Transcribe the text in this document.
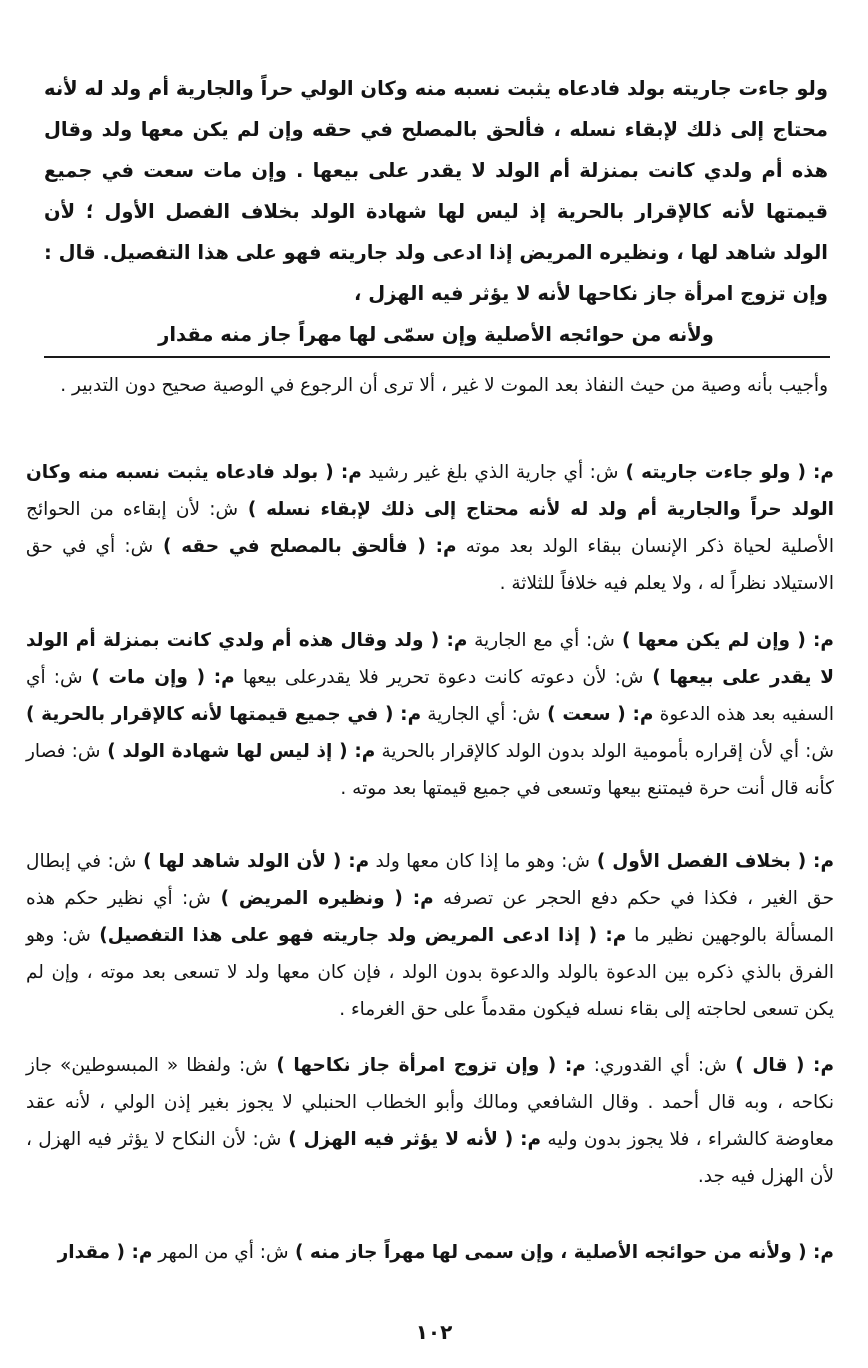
ولو جاءت جاريته بولد فادعاه يثبت نسبه منه وكان الولي حراً والجارية أم ولد له لأنه محتاج إلى ذلك لإبقاء نسله ، فألحق بالمصلح في حقه وإن لم يكن معها ولد وقال هذه أم ولدي كانت بمنزلة أم الولد لا يقدر على بيعها . وإن مات سعت في جميع قيمتها لأنه كالإقرار بالحرية إذ ليس لها شهادة الولد بخلاف الفصل الأول ؛ لأن الولد شاهد لها ، ونظيره المريض إذا ادعى ولد جاريته فهو على هذا التفصيل. قال : وإن تزوج امرأة جاز نكاحها لأنه لا يؤثر فيه الهزل ،
ولأنه من حوائجه الأصلية وإن سمّى لها مهراً جاز منه مقدار
وأجيب بأنه وصية من حيث النفاذ بعد الموت لا غير ، ألا ترى أن الرجوع في الوصية صحيح دون التدبير .
م: ( ولو جاءت جاريته ) ش: أي جارية الذي بلغ غير رشيد م: ( بولد فادعاه يثبت نسبه منه وكان الولد حراً والجارية أم ولد له لأنه محتاج إلى ذلك لإبقاء نسله ) ش: لأن إبقاءه من الحوائج الأصلية لحياة ذكر الإنسان ببقاء الولد بعد موته م: ( فألحق بالمصلح في حقه ) ش: أي في حق الاستيلاد نظراً له ، ولا يعلم فيه خلافاً للثلاثة .
م: ( وإن لم يكن معها ) ش: أي مع الجارية م: ( ولد وقال هذه أم ولدي كانت بمنزلة أم الولد لا يقدر على بيعها ) ش: لأن دعوته كانت دعوة تحرير فلا يقدرعلى بيعها م: ( وإن مات ) ش: أي السفيه بعد هذه الدعوة م: ( سعت ) ش: أي الجارية م: ( في جميع قيمتها لأنه كالإقرار بالحرية ) ش: أي لأن إقراره بأمومية الولد بدون الولد كالإقرار بالحرية م: ( إذ ليس لها شهادة الولد ) ش: فصار كأنه قال أنت حرة فيمتنع بيعها وتسعى في جميع قيمتها بعد موته .
م: ( بخلاف الفصل الأول ) ش: وهو ما إذا كان معها ولد م: ( لأن الولد شاهد لها ) ش: في إبطال حق الغير ، فكذا في حكم دفع الحجر عن تصرفه م: ( ونظيره المريض ) ش: أي نظير حكم هذه المسألة بالوجهين نظير ما م: ( إذا ادعى المريض ولد جاريته فهو على هذا التفصيل) ش: وهو الفرق بالذي ذكره بين الدعوة بالولد والدعوة بدون الولد ، فإن كان معها ولد لا تسعى بعد موته ، وإن لم يكن تسعى لحاجته إلى بقاء نسله فيكون مقدماً على حق الغرماء .
م: ( قال ) ش: أي القدوري: م: ( وإن تزوج امرأة جاز نكاحها ) ش: ولفظا « المبسوطين» جاز نكاحه ، وبه قال أحمد . وقال الشافعي ومالك وأبو الخطاب الحنبلي لا يجوز بغير إذن الولي ، لأنه عقد معاوضة كالشراء ، فلا يجوز بدون وليه م: ( لأنه لا يؤثر فيه الهزل ) ش: لأن النكاح لا يؤثر فيه الهزل ، لأن الهزل فيه جد.
م: ( ولأنه من حوائجه الأصلية ، وإن سمى لها مهراً جاز منه ) ش: أي من المهر م: ( مقدار
١٠٢
